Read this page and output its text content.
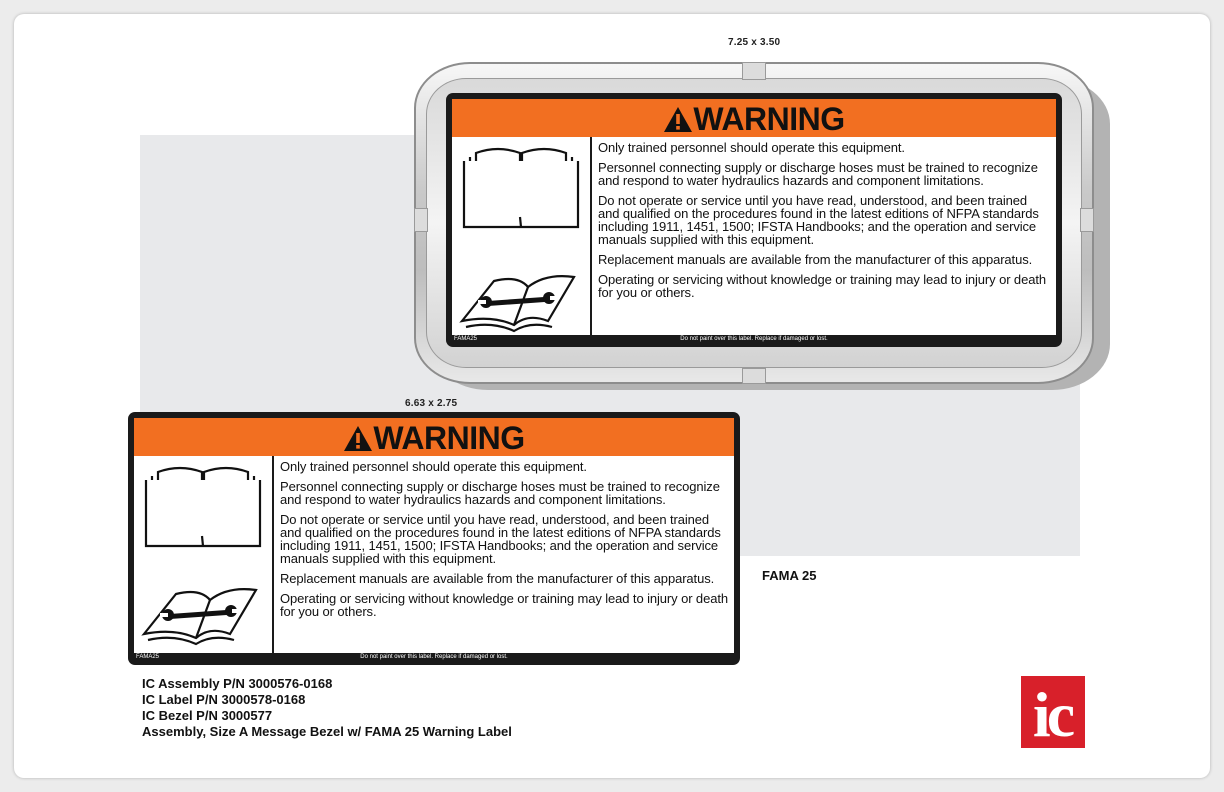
7.25 x 3.50
WARNING

Only trained personnel should operate this equipment.

Personnel connecting supply or discharge hoses must be trained to recognize and respond to water hydraulics hazards and component limitations.

Do not operate or service until you have read, understood, and been trained and qualified on the procedures found in the latest editions of NFPA standards including 1911, 1451, 1500; IFSTA Handbooks; and the operation and service manuals supplied with this equipment.

Replacement manuals are available from the manufacturer of this apparatus.

Operating or servicing without knowledge or training may lead to injury or death for you or others.

FAMA25	Do not paint over this label. Replace if damaged or lost.
6.63 x 2.75
WARNING

Only trained personnel should operate this equipment.

Personnel connecting supply or discharge hoses must be trained to recognize and respond to water hydraulics hazards and component limitations.

Do not operate or service until you have read, understood, and been trained and qualified on the procedures found in the latest editions of NFPA standards including 1911, 1451, 1500; IFSTA Handbooks; and the operation and service manuals supplied with this equipment.

Replacement manuals are available from the manufacturer of this apparatus.

Operating or servicing without knowledge or training may lead to injury or death for you or others.

FAMA25	Do not paint over this label. Replace if damaged or lost.
FAMA 25
IC Assembly P/N 3000576-0168
IC Label P/N 3000578-0168
IC Bezel P/N 3000577
Assembly, Size A Message Bezel w/ FAMA 25 Warning Label	ic
